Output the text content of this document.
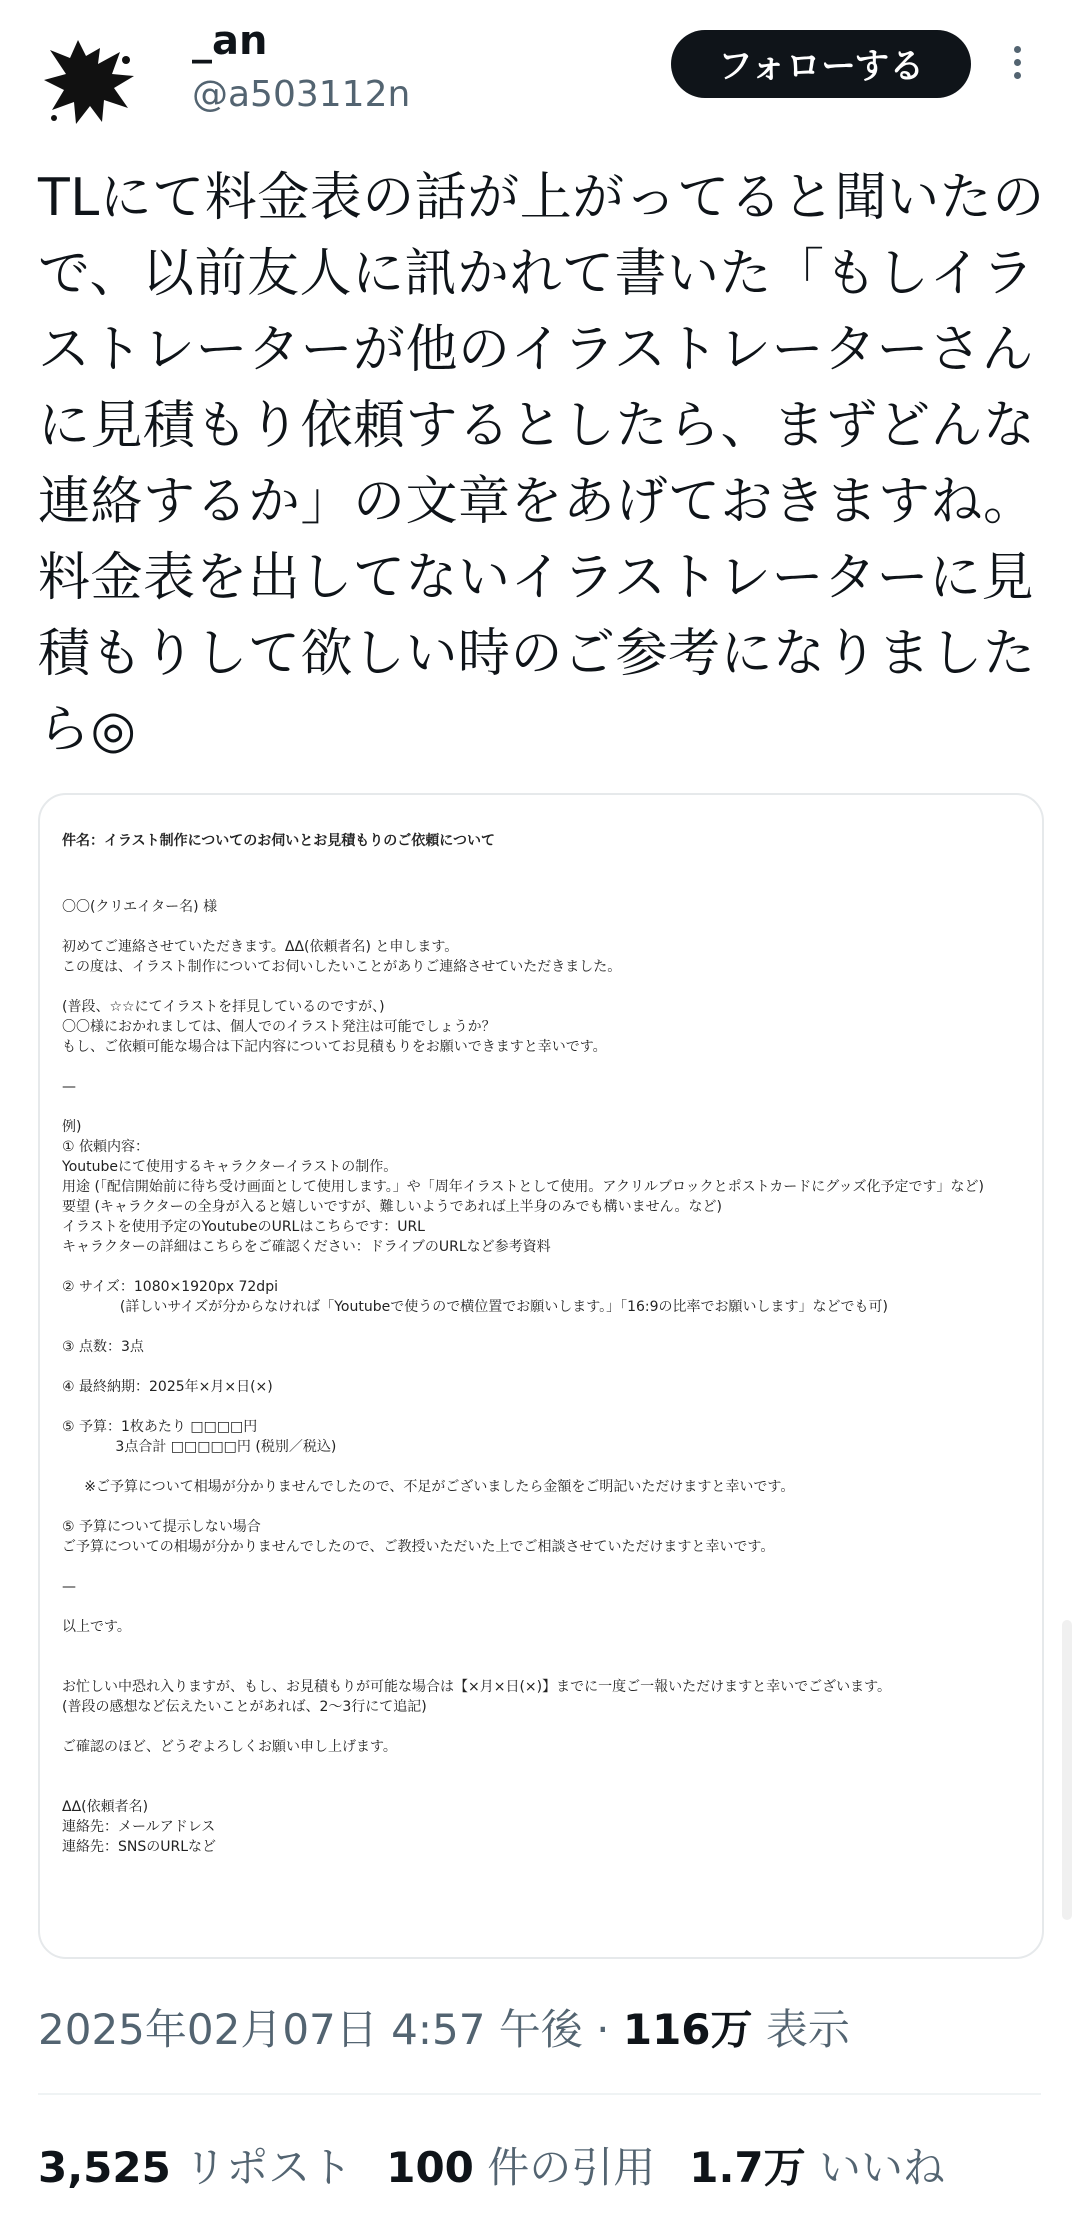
_an
@a503112n
フォローする
TLにて料金表の話が上がってると聞いたので、以前友人に訊かれて書いた「もしイラストレーターが他のイラストレーターさんに見積もり依頼するとしたら、まずどんな連絡するか」の文章をあげておきますね。
料金表を出してないイラストレーターに見積もりして欲しい時のご参考になりましたら◎
件名：イラスト制作についてのお伺いとお見積もりのご依頼について

〇〇(クリエイター名) 様

初めてご連絡させていただきます。ΔΔ(依頼者名) と申します。
この度は、イラスト制作についてお伺いしたいことがありご連絡させていただきました。

(普段、☆☆にてイラストを拝見しているのですが、)
〇〇様におかれましては、個人でのイラスト発注は可能でしょうか？
もし、ご依頼可能な場合は下記内容についてお見積もりをお願いできますと幸いです。

—

例)
① 依頼内容：
Youtubeにて使用するキャラクターイラストの制作。
用途 (「配信開始前に待ち受け画面として使用します。」や「周年イラストとして使用。アクリルブロックとポストカードにグッズ化予定です」など)
要望 (キャラクターの全身が入ると嬉しいですが、難しいようであれば上半身のみでも構いません。など)
イラストを使用予定のYoutubeのURLはこちらです：URL
キャラクターの詳細はこちらをご確認ください：ドライブのURLなど参考資料

② サイズ：1080×1920px 72dpi
(詳しいサイズが分からなければ「Youtubeで使うので横位置でお願いします。」「16:9の比率でお願いします」などでも可)

③ 点数：3点

④ 最終納期：2025年×月×日(×)

⑤ 予算：1枚あたり □□□□円
3点合計 □□□□□円 (税別／税込)

※ご予算について相場が分かりませんでしたので、不足がございましたら金額をご明記いただけますと幸いです。

⑤ 予算について提示しない場合
ご予算についての相場が分かりませんでしたので、ご教授いただいた上でご相談させていただけますと幸いです。

—

以上です。

お忙しい中恐れ入りますが、もし、お見積もりが可能な場合は【×月×日(×)】までに一度ご一報いただけますと幸いでございます。
(普段の感想など伝えたいことがあれば、2〜3行にて追記)

ご確認のほど、どうぞよろしくお願い申し上げます。

ΔΔ(依頼者名)
連絡先：メールアドレス
連絡先：SNSのURLなど
2025年02月07日 4:57 午後 · 116万 表示
3,525 リポスト 100 件の引用 1.7万 いいね
